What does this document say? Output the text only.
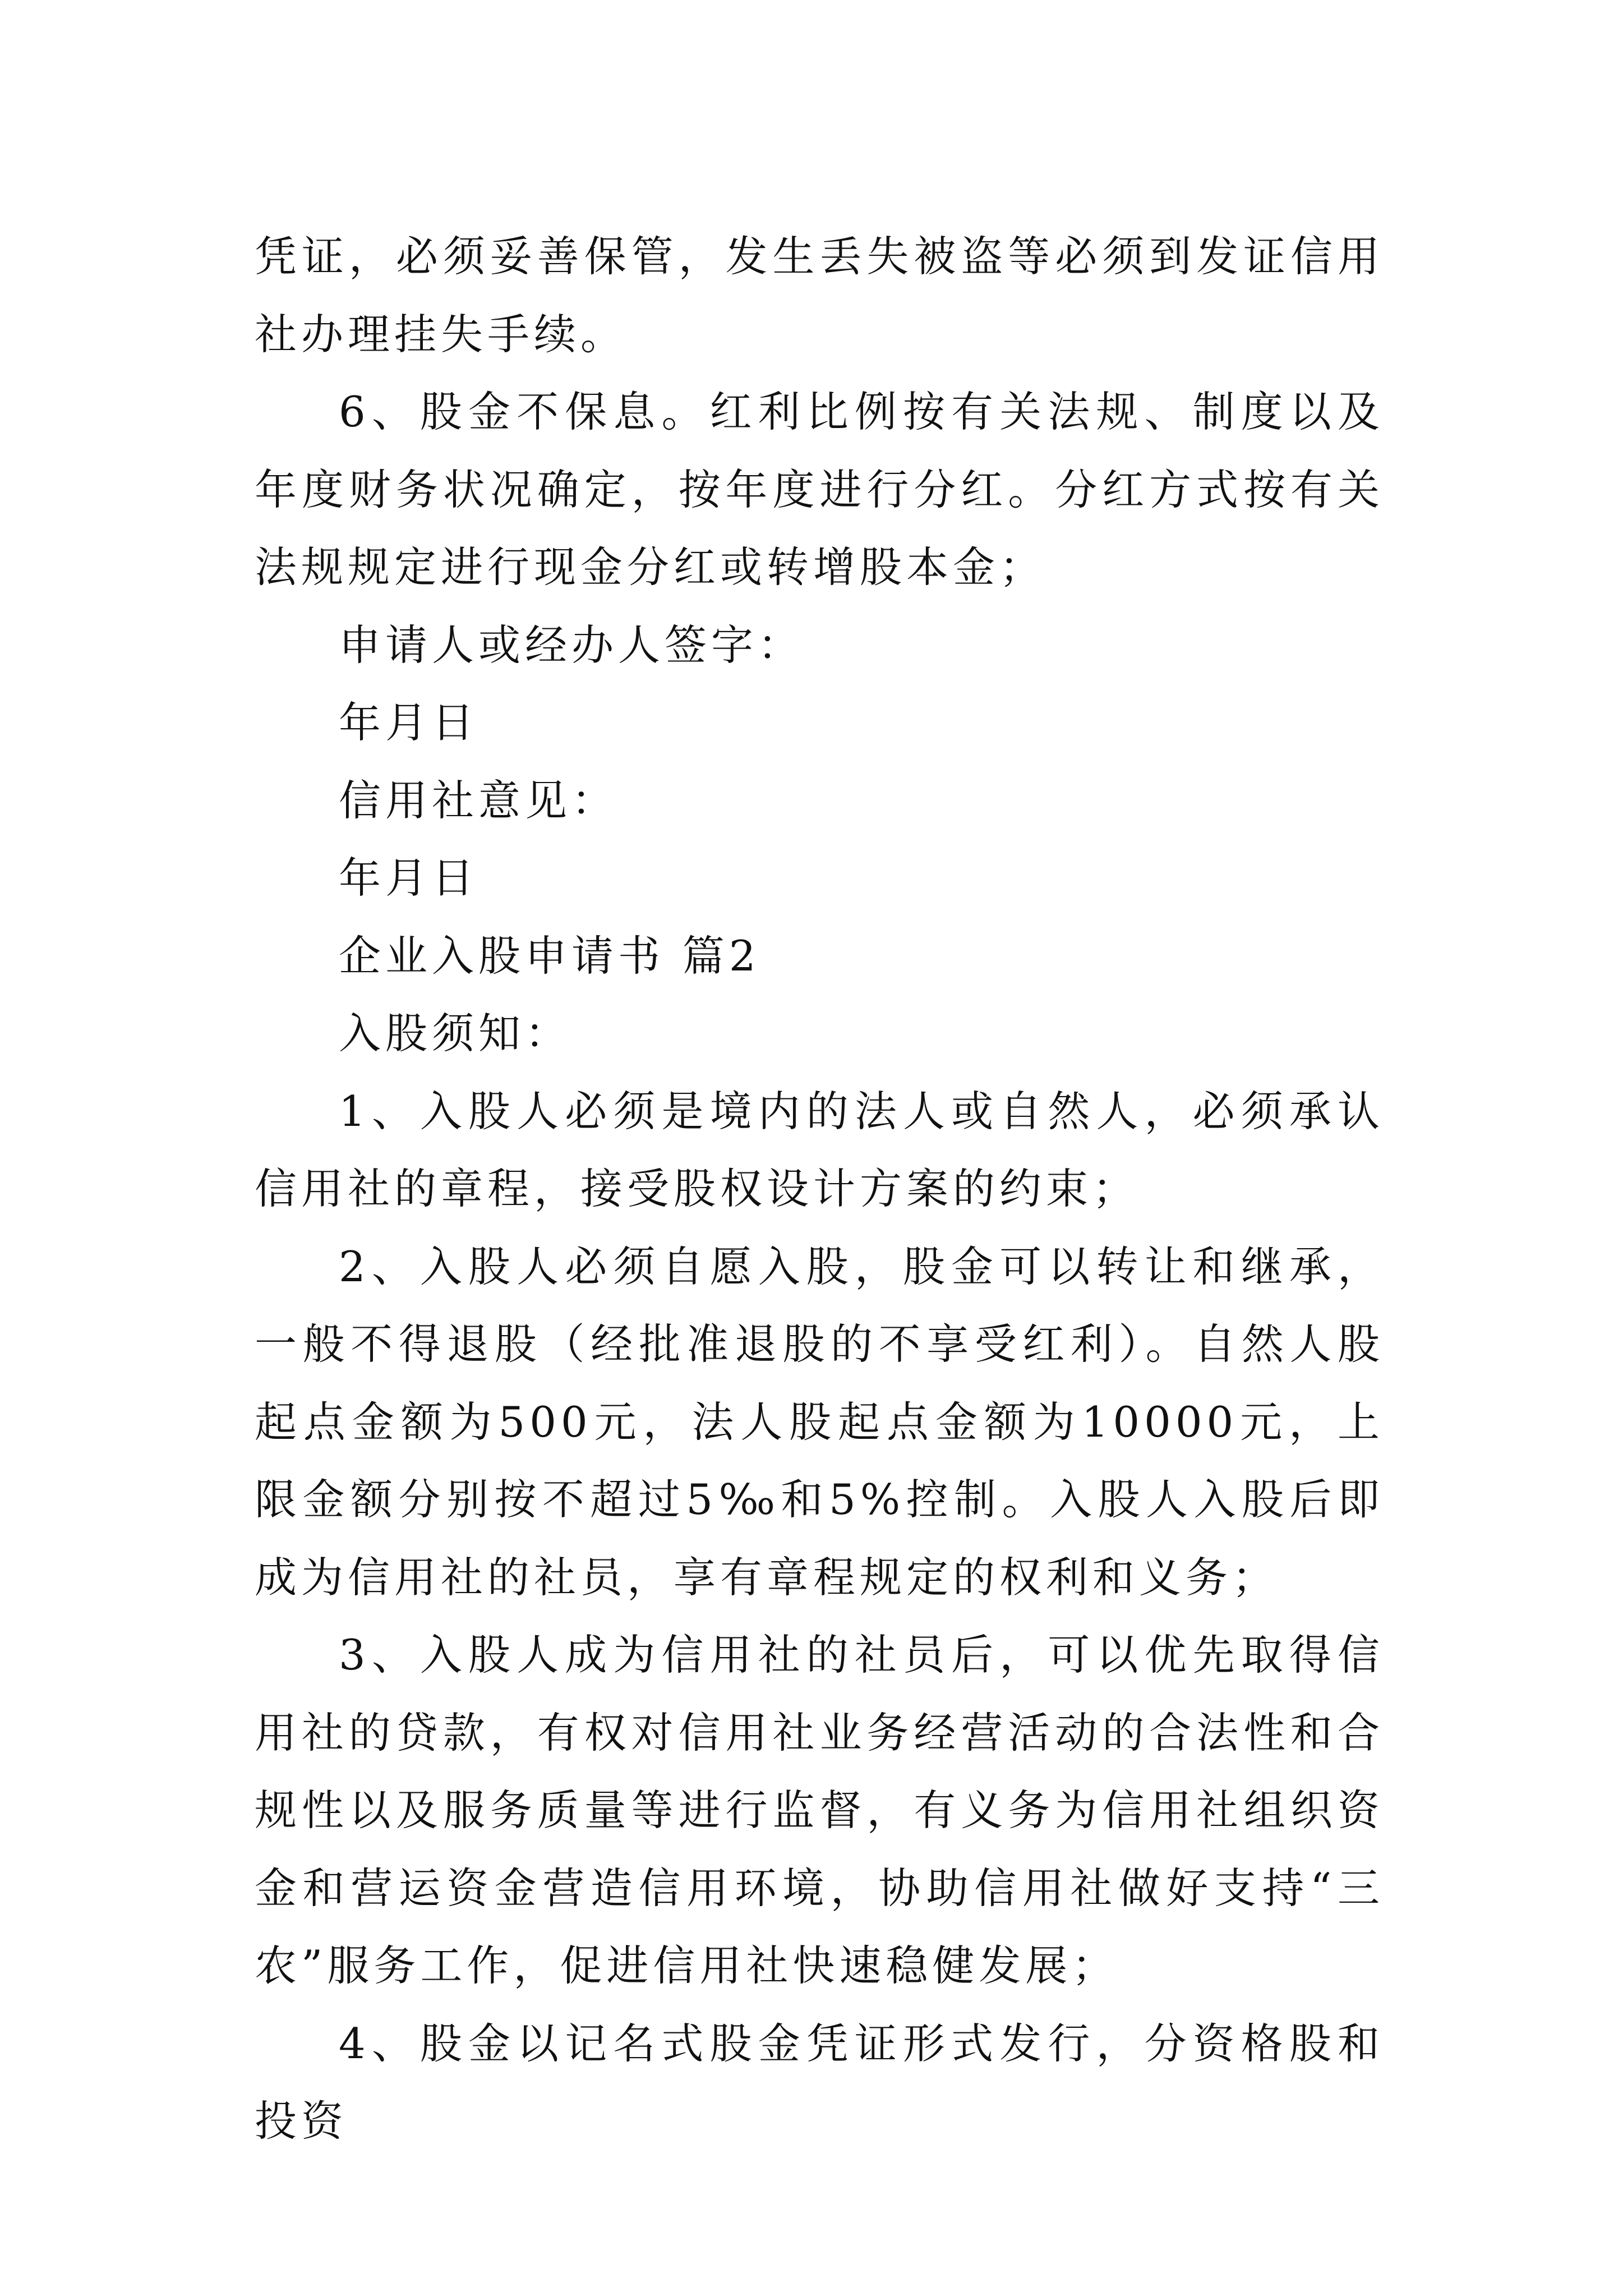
凭证，必须妥善保管，发生丢失被盗等必须到发证信用社办理挂失手续。

6、股金不保息。红利比例按有关法规、制度以及年度财务状况确定，按年度进行分红。分红方式按有关法规规定进行现金分红或转增股本金；

申请人或经办人签字：

年月日

信用社意见：

年月日

企业入股申请书 篇2

入股须知：

1、入股人必须是境内的法人或自然人，必须承认信用社的章程，接受股权设计方案的约束；

2、入股人必须自愿入股，股金可以转让和继承，一般不得退股（经批准退股的不享受红利）。自然人股起点金额为500元，法人股起点金额为10000元，上限金额分别按不超过5‰和5%控制。入股人入股后即成为信用社的社员，享有章程规定的权利和义务；

3、入股人成为信用社的社员后，可以优先取得信用社的贷款，有权对信用社业务经营活动的合法性和合规性以及服务质量等进行监督，有义务为信用社组织资金和营运资金营造信用环境，协助信用社做好支持“三农”服务工作，促进信用社快速稳健发展；

4、股金以记名式股金凭证形式发行，分资格股和投资
